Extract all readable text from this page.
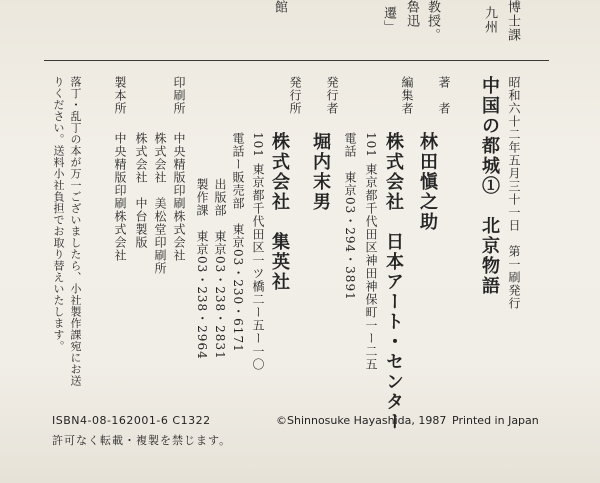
博士課
九州
教授。
魯迅
遷」
館
昭和六十二年五月三十一日　第一刷発行
中国の都城①　北京物語
著　者
林田愼之助
編集者
株式会社　日本アート・センター
101 東京都千代田区神田神保町一ー二五
電話　東京03・294・3891
発行者
堀内末男
発行所
株式会社　集英社
101 東京都千代田区一ツ橋二ー五ー一〇
電話ー販売部　東京03・230・6171
出版部　東京03・238・2831
製作課　東京03・238・2964
印刷所
中央精版印刷株式会社
株式会社　美松堂印刷所
株式会社　中台製版
製本所
中央精版印刷株式会社
落丁・乱丁の本が万一ございましたら、小社製作課宛にお送
りください。送料小社負担でお取り替えいたします。
ISBN4-08-162001-6 C1322	©Shinnosuke Hayashida, 1987 Printed in Japan
許可なく転載・複製を禁じます。
